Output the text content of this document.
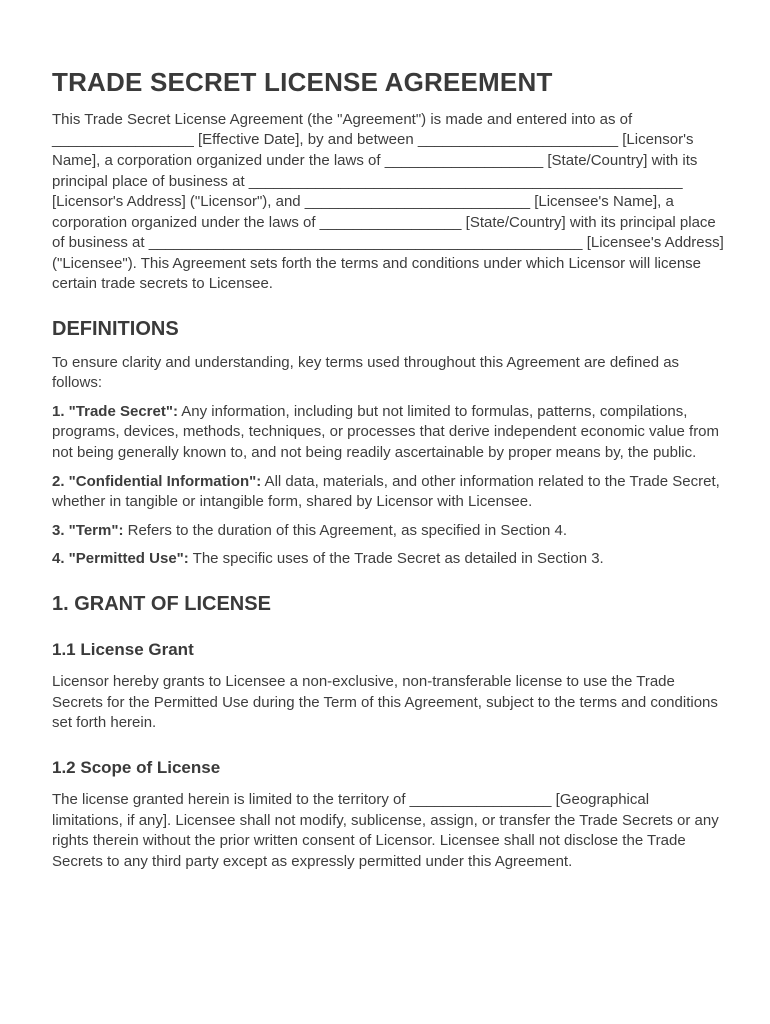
TRADE SECRET LICENSE AGREEMENT

This Trade Secret License Agreement (the "Agreement") is made and entered into as of _________________ [Effective Date], by and between ________________________ [Licensor's Name], a corporation organized under the laws of ___________________ [State/Country] with its principal place of business at ____________________________________________________ [Licensor's Address] ("Licensor"), and ___________________________ [Licensee's Name], a corporation organized under the laws of _________________ [State/Country] with its principal place of business at ____________________________________________________ [Licensee's Address] ("Licensee"). This Agreement sets forth the terms and conditions under which Licensor will license certain trade secrets to Licensee.

DEFINITIONS

To ensure clarity and understanding, key terms used throughout this Agreement are defined as follows:

1. "Trade Secret": Any information, including but not limited to formulas, patterns, compilations, programs, devices, methods, techniques, or processes that derive independent economic value from not being generally known to, and not being readily ascertainable by proper means by, the public.

2. "Confidential Information": All data, materials, and other information related to the Trade Secret, whether in tangible or intangible form, shared by Licensor with Licensee.

3. "Term": Refers to the duration of this Agreement, as specified in Section 4.

4. "Permitted Use": The specific uses of the Trade Secret as detailed in Section 3.

1. GRANT OF LICENSE
1.1 License Grant

Licensor hereby grants to Licensee a non-exclusive, non-transferable license to use the Trade Secrets for the Permitted Use during the Term of this Agreement, subject to the terms and conditions set forth herein.

1.2 Scope of License

The license granted herein is limited to the territory of _________________ [Geographical limitations, if any]. Licensee shall not modify, sublicense, assign, or transfer the Trade Secrets or any rights therein without the prior written consent of Licensor. Licensee shall not disclose the Trade Secrets to any third party except as expressly permitted under this Agreement.
